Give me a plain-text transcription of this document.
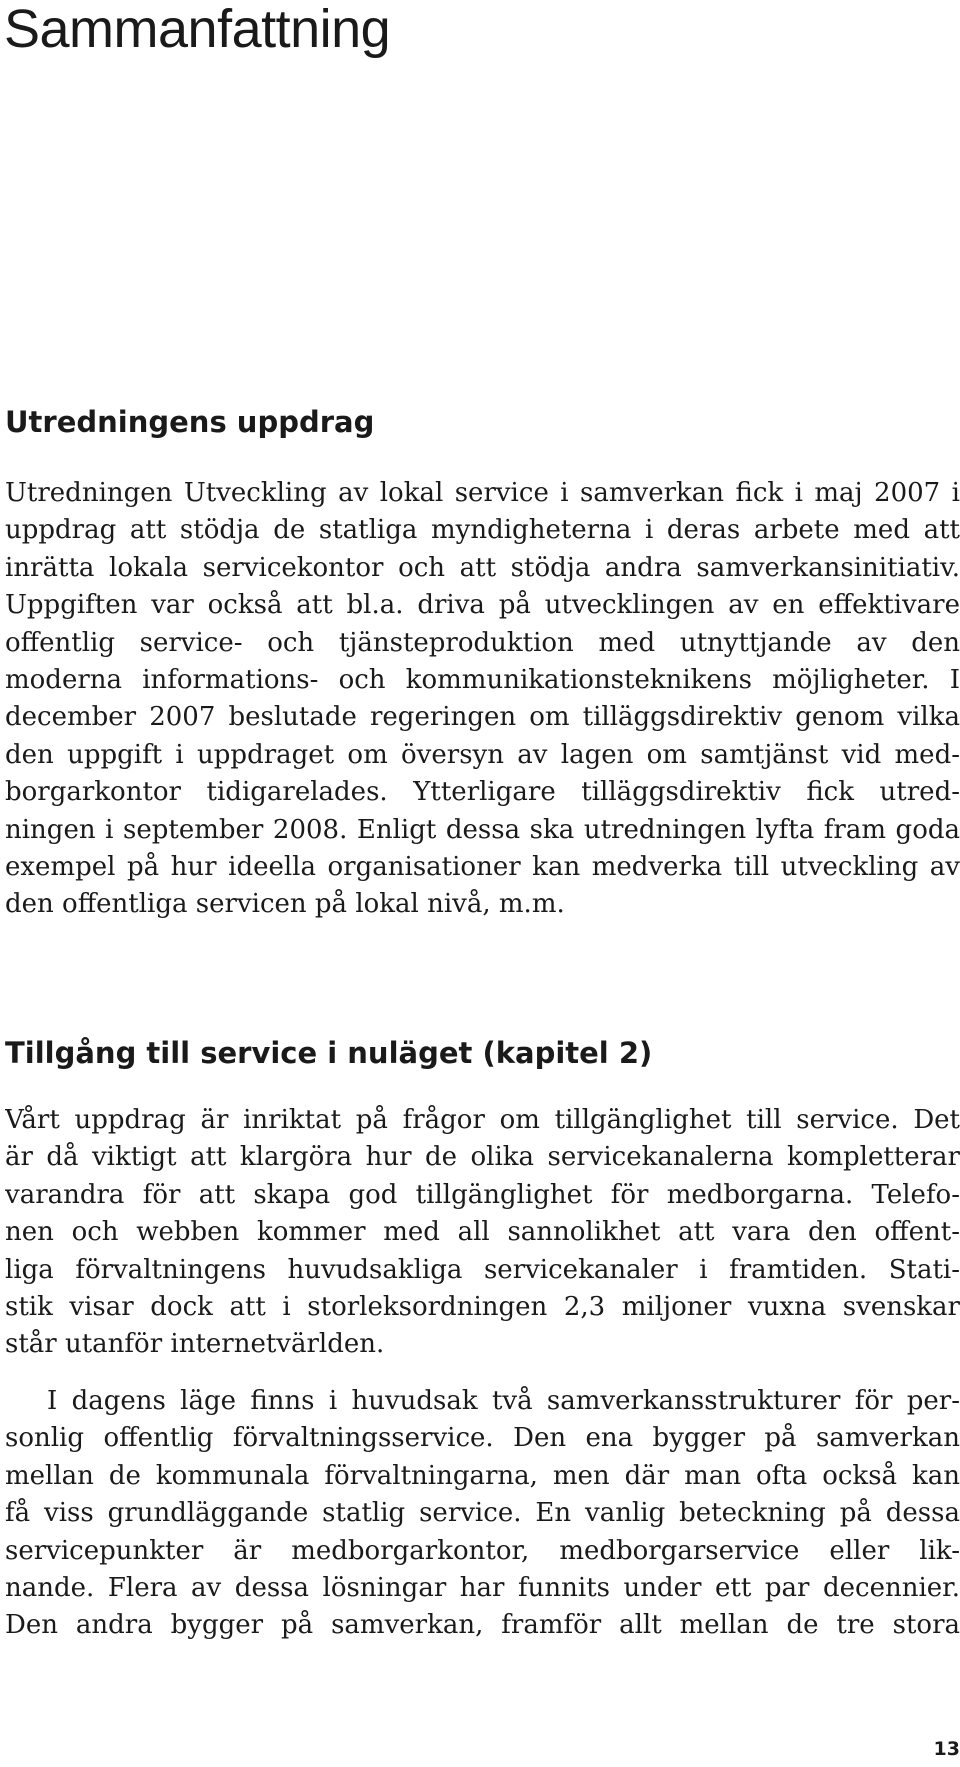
Sammanfattning
Utredningens uppdrag

Utredningen Utveckling av lokal service i samverkan fick i maj 2007 i
uppdrag att stödja de statliga myndigheterna i deras arbete med att
inrätta lokala servicekontor och att stödja andra samverkansinitiativ.
Uppgiften var också att bl.a. driva på utvecklingen av en effektivare
offentlig service- och tjänsteproduktion med utnyttjande av den
moderna informations- och kommunikationsteknikens möjligheter. I
december 2007 beslutade regeringen om tilläggsdirektiv genom vilka
den uppgift i uppdraget om översyn av lagen om samtjänst vid med-
borgarkontor tidigarelades. Ytterligare tilläggsdirektiv fick utred-
ningen i september 2008. Enligt dessa ska utredningen lyfta fram goda
exempel på hur ideella organisationer kan medverka till utveckling av
den offentliga servicen på lokal nivå, m.m.

Tillgång till service i nuläget (kapitel 2)

Vårt uppdrag är inriktat på frågor om tillgänglighet till service. Det
är då viktigt att klargöra hur de olika servicekanalerna kompletterar
varandra för att skapa god tillgänglighet för medborgarna. Telefo-
nen och webben kommer med all sannolikhet att vara den offent-
liga förvaltningens huvudsakliga servicekanaler i framtiden. Stati-
stik visar dock att i storleksordningen 2,3 miljoner vuxna svenskar
står utanför internetvärlden.

I dagens läge finns i huvudsak två samverkansstrukturer för per-
sonlig offentlig förvaltningsservice. Den ena bygger på samverkan
mellan de kommunala förvaltningarna, men där man ofta också kan
få viss grundläggande statlig service. En vanlig beteckning på dessa
servicepunkter är medborgarkontor, medborgarservice eller lik-
nande. Flera av dessa lösningar har funnits under ett par decennier.
Den andra bygger på samverkan, framför allt mellan de tre stora

13
